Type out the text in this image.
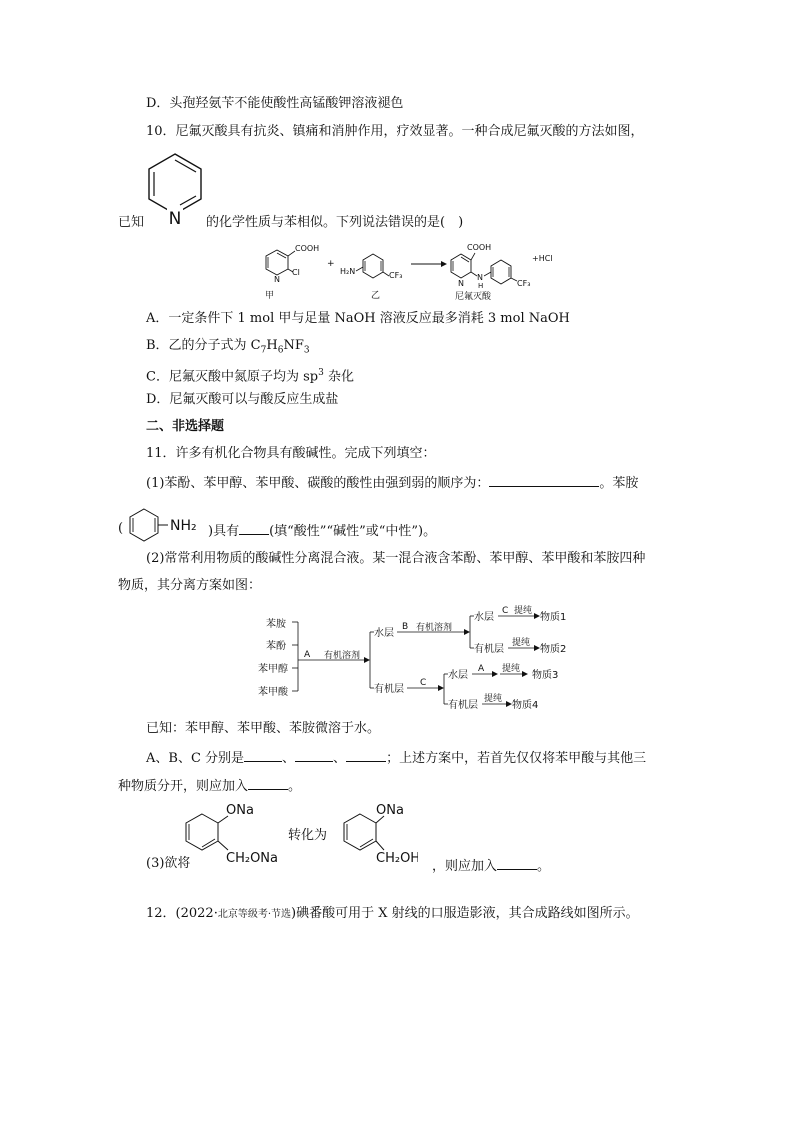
D．头孢羟氨苄不能使酸性高锰酸钾溶液褪色
10．尼氟灭酸具有抗炎、镇痛和消肿作用，疗效显著。一种合成尼氟灭酸的方法如图，
N
已知	的化学性质与苯相似。下列说法错误的是(　)
COOH
Cl
N
甲
+
H₂N	CF₃
乙
COOH
N
N
H	CF₃
+HCl
尼氟灭酸
A．一定条件下 1 mol 甲与足量 NaOH 溶液反应最多消耗 3 mol NaOH
B．乙的分子式为 $C_7H_6NF_3$
C．尼氟灭酸中氮原子均为 $sp^3$ 杂化
D．尼氟灭酸可以与酸反应生成盐
二、非选择题
11．许多有机化合物具有酸碱性。完成下列填空：
(1)苯酚、苯甲醇、苯甲酸、碳酸的酸性由强到弱的顺序为：	。苯胺
(	NH₂ )具有 (填“酸性”“碱性”或“中性”)。
(2)常常利用物质的酸碱性分离混合液。某一混合液含苯酚、苯甲醇、苯甲酸和苯胺四种
物质，其分离方案如图：
苯胺
苯酚
苯甲醇
苯甲酸
A 有机溶剂
水层
B 有机溶剂
水层
C 提纯
物质1
有机层
提纯
物质2
有机层
C
水层
A 提纯
物质3
有机层
提纯
物质4
已知：苯甲醇、苯甲酸、苯胺微溶于水。
A、B、C 分别是	、	、	；上述方案中，若首先仅仅将苯甲酸与其他三
种物质分开，则应加入	。
(3)欲将
ONa
CH₂ONa
转化为
ONa
CH₂OH
，则应加入	。
12．(2022·北京等级考·节选)碘番酸可用于 X 射线的口服造影液，其合成路线如图所示。
